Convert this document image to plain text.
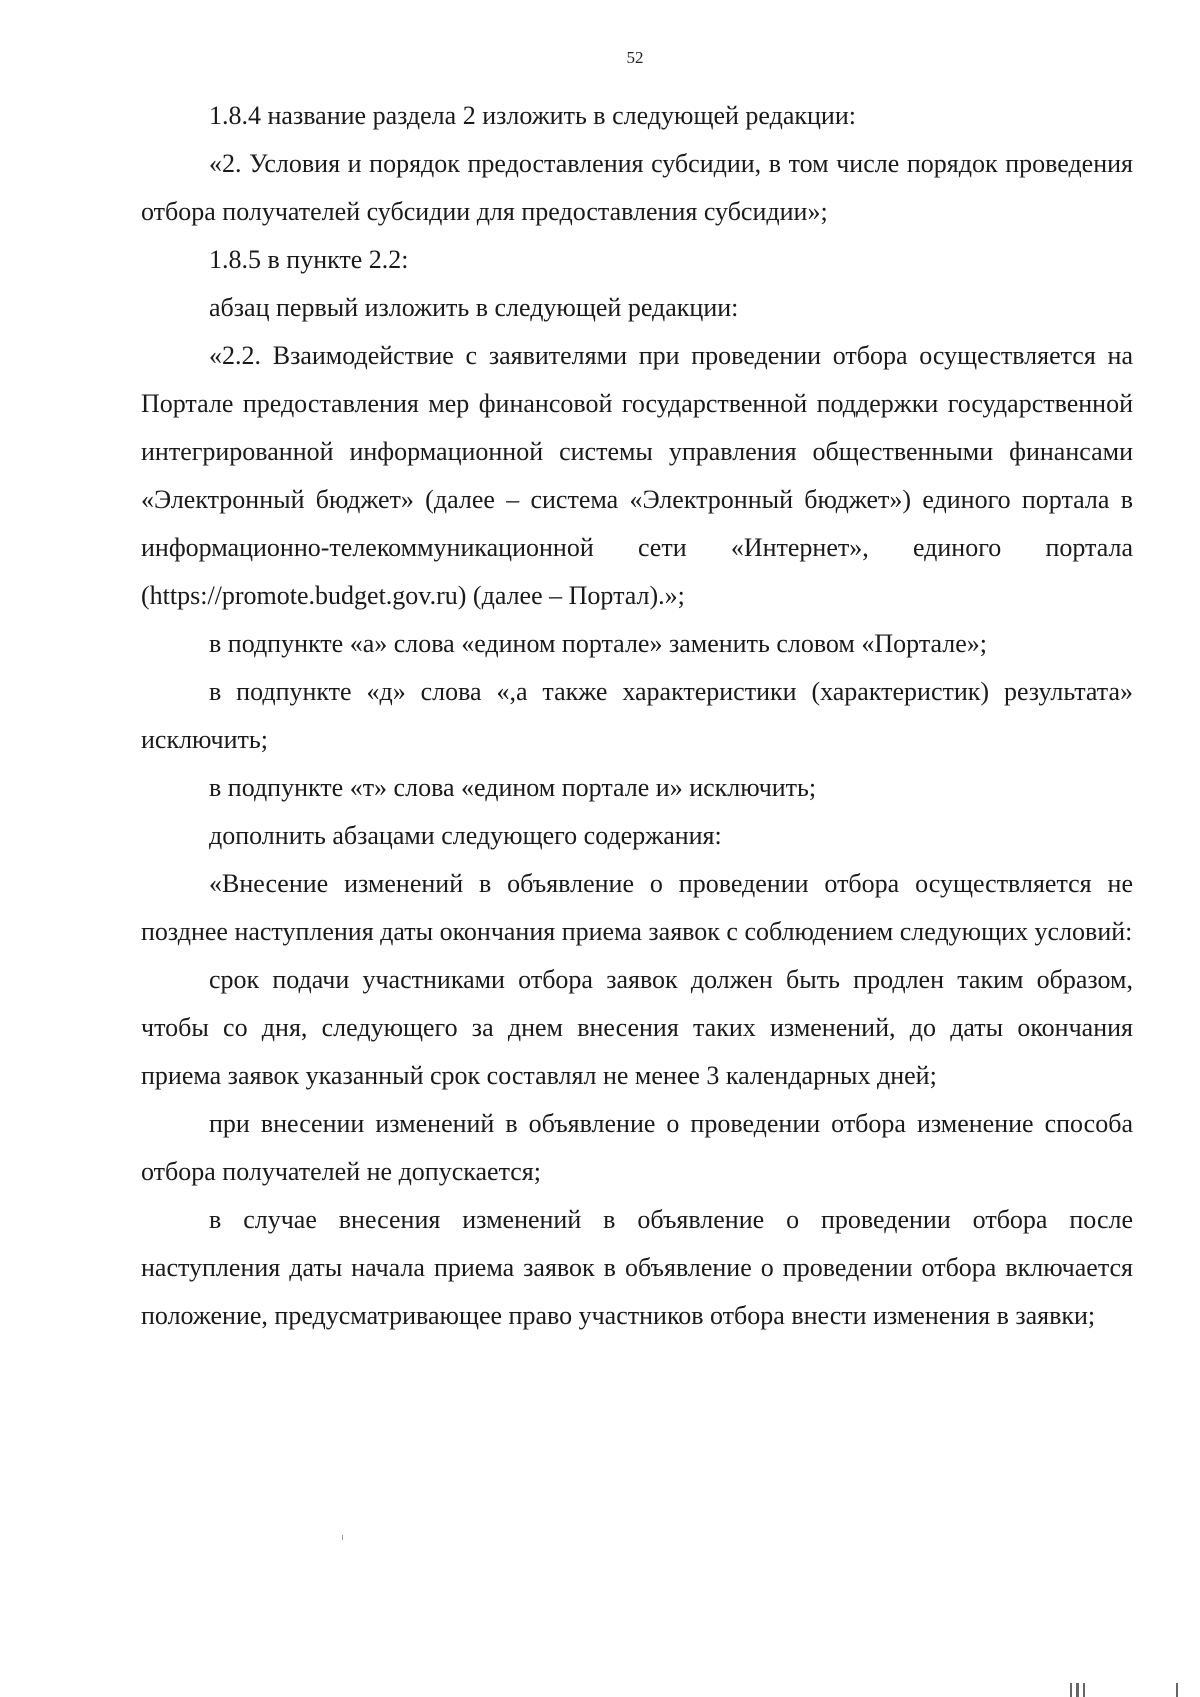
52

1.8.4 название раздела 2 изложить в следующей редакции:

«2. Условия и порядок предоставления субсидии, в том числе порядок проведения отбора получателей субсидии для предоставления субсидии»;

1.8.5 в пункте 2.2:

абзац первый изложить в следующей редакции:

«2.2. Взаимодействие с заявителями при проведении отбора осуществляется на Портале предоставления мер финансовой государственной поддержки государственной интегрированной информационной системы управления общественными финансами «Электронный бюджет» (далее – система «Электронный бюджет») единого портала в информационно-телекоммуникационной сети «Интернет», единого портала (https://promote.budget.gov.ru) (далее – Портал).»;

в подпункте «а» слова «едином портале» заменить словом «Портале»;

в подпункте «д» слова «,а также характеристики (характеристик) результата» исключить;

в подпункте «т» слова «едином портале и» исключить;

дополнить абзацами следующего содержания:

«Внесение изменений в объявление о проведении отбора осуществляется не позднее наступления даты окончания приема заявок с соблюдением следующих условий:

срок подачи участниками отбора заявок должен быть продлен таким образом, чтобы со дня, следующего за днем внесения таких изменений, до даты окончания приема заявок указанный срок составлял не менее 3 календарных дней;

при внесении изменений в объявление о проведении отбора изменение способа отбора получателей не допускается;

в случае внесения изменений в объявление о проведении отбора после наступления даты начала приема заявок в объявление о проведении отбора включается положение, предусматривающее право участников отбора внести изменения в заявки;
